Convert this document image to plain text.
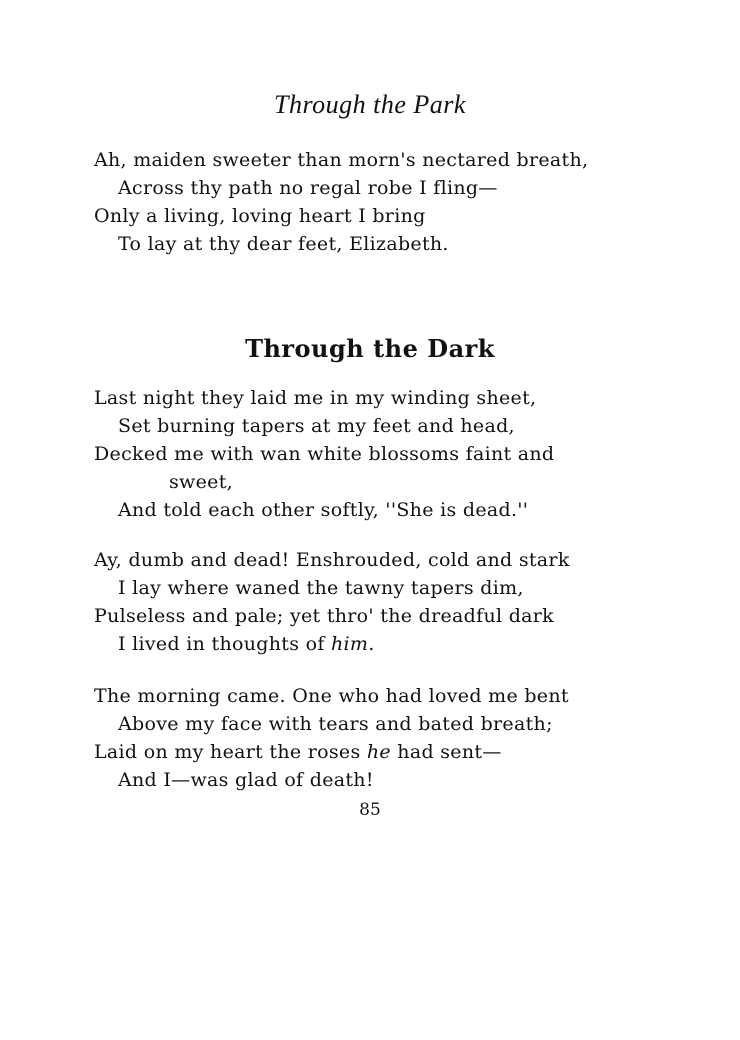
Through the Park
Ah, maiden sweeter than morn's nectared breath,
Across thy path no regal robe I fling—
Only a living, loving heart I bring
To lay at thy dear feet, Elizabeth.
Through the Dark
Last night they laid me in my winding sheet,
Set burning tapers at my feet and head,
Decked me with wan white blossoms faint and
sweet,
And told each other softly, ''She is dead.''
Ay, dumb and dead! Enshrouded, cold and stark
I lay where waned the tawny tapers dim,
Pulseless and pale; yet thro' the dreadful dark
I lived in thoughts of him.
The morning came. One who had loved me bent
Above my face with tears and bated breath;
Laid on my heart the roses he had sent—
And I—was glad of death!
85
